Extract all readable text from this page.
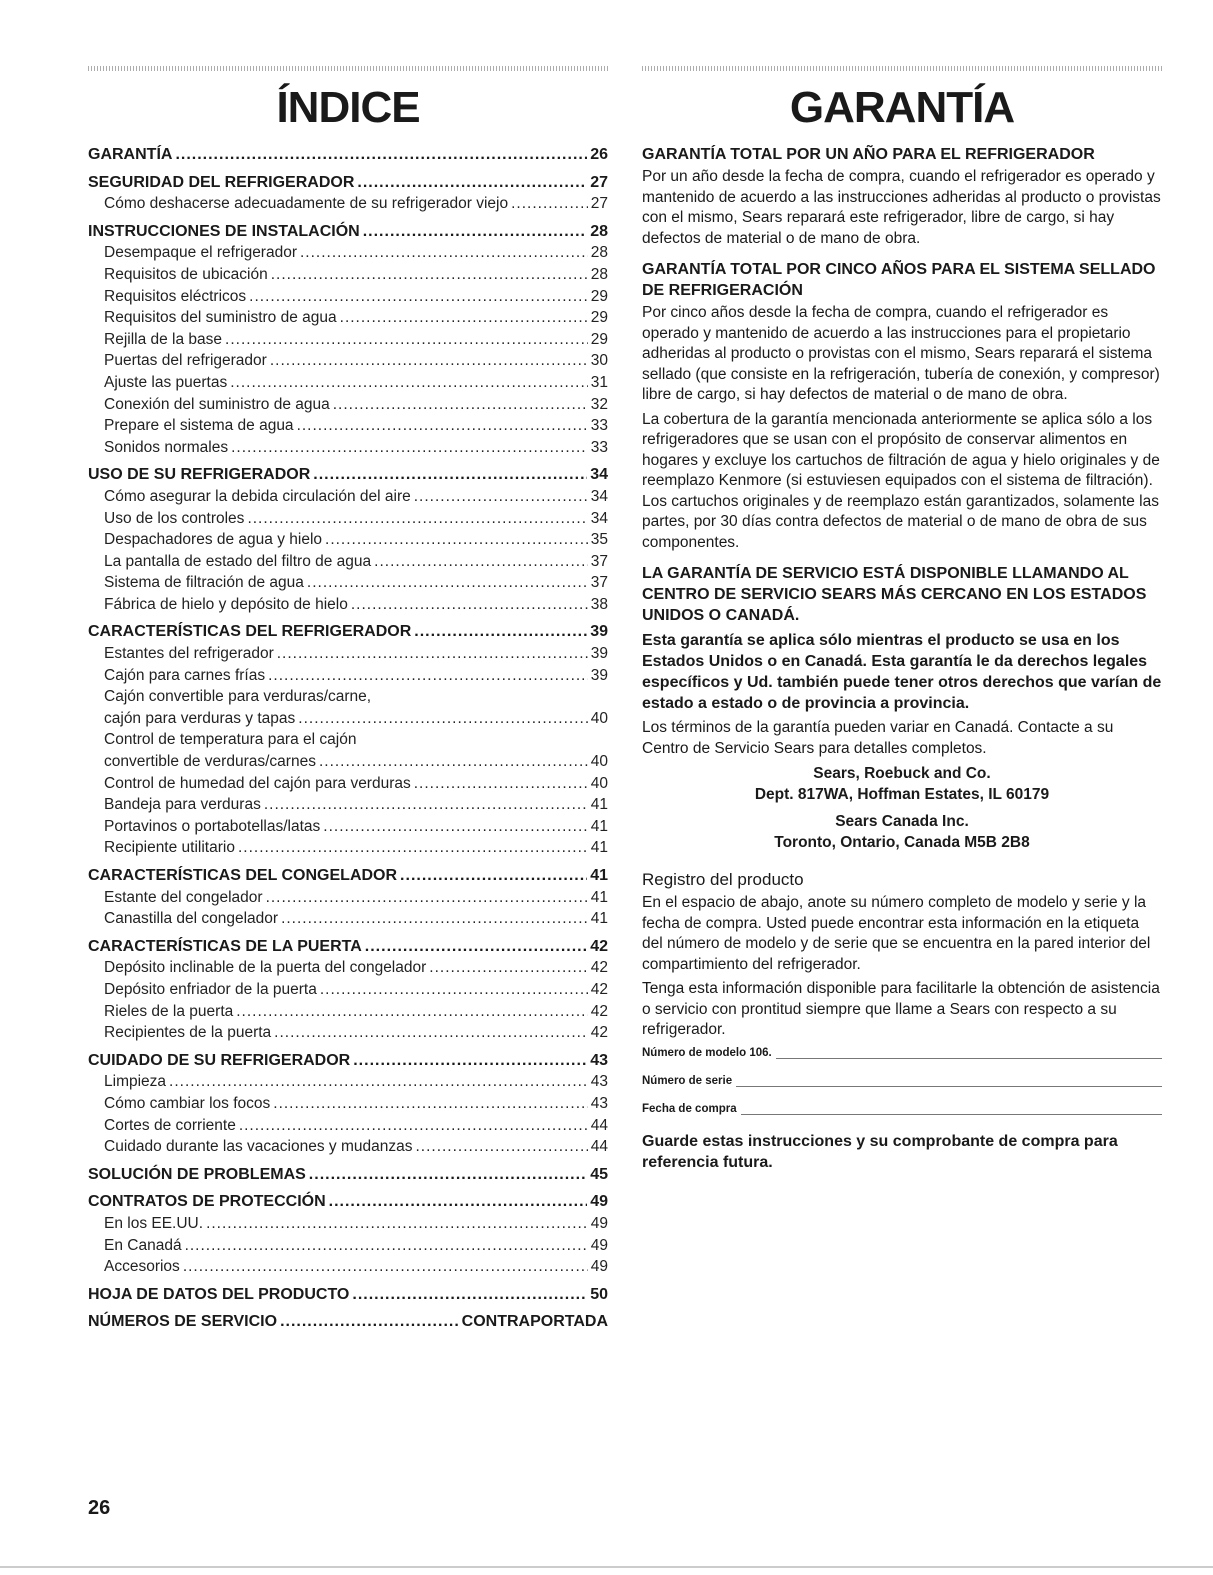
ÍNDICE
GARANTÍA .....	26
SEGURIDAD DEL REFRIGERADOR .....	27
Cómo deshacerse adecuadamente de su refrigerador viejo .....	27
INSTRUCCIONES DE INSTALACIÓN .....	28
Desempaque el refrigerador .....	28
Requisitos de ubicación .....	28
Requisitos eléctricos .....	29
Requisitos del suministro de agua .....	29
Rejilla de la base .....	29
Puertas del refrigerador .....	30
Ajuste las puertas .....	31
Conexión del suministro de agua .....	32
Prepare el sistema de agua .....	33
Sonidos normales .....	33
USO DE SU REFRIGERADOR .....	34
Cómo asegurar la debida circulación del aire .....	34
Uso de los controles .....	34
Despachadores de agua y hielo .....	35
La pantalla de estado del filtro de agua .....	37
Sistema de filtración de agua .....	37
Fábrica de hielo y depósito de hielo .....	38
CARACTERÍSTICAS DEL REFRIGERADOR .....	39
Estantes del refrigerador .....	39
Cajón para carnes frías .....	39
Cajón convertible para verduras/carne,
cajón para verduras y tapas .....	40
Control de temperatura para el cajón
convertible de verduras/carnes .....	40
Control de humedad del cajón para verduras .....	40
Bandeja para verduras .....	41
Portavinos o portabotellas/latas .....	41
Recipiente utilitario .....	41
CARACTERÍSTICAS DEL CONGELADOR .....	41
Estante del congelador .....	41
Canastilla del congelador .....	41
CARACTERÍSTICAS DE LA PUERTA .....	42
Depósito inclinable de la puerta del congelador .....	42
Depósito enfriador de la puerta .....	42
Rieles de la puerta .....	42
Recipientes de la puerta .....	42
CUIDADO DE SU REFRIGERADOR .....	43
Limpieza .....	43
Cómo cambiar los focos .....	43
Cortes de corriente .....	44
Cuidado durante las vacaciones y mudanzas .....	44
SOLUCIÓN DE PROBLEMAS .....	45
CONTRATOS DE PROTECCIÓN .....	49
En los EE.UU. .....	49
En Canadá .....	49
Accesorios .....	49
HOJA DE DATOS DEL PRODUCTO .....	50
NÚMEROS DE SERVICIO .....	CONTRAPORTADA
GARANTÍA
GARANTÍA TOTAL POR UN AÑO PARA EL REFRIGERADOR

Por un año desde la fecha de compra, cuando el refrigerador es operado y mantenido de acuerdo a las instrucciones adheridas al producto o provistas con el mismo, Sears reparará este refrigerador, libre de cargo, si hay defectos de material o de mano de obra.

GARANTÍA TOTAL POR CINCO AÑOS PARA EL SISTEMA SELLADO DE REFRIGERACIÓN

Por cinco años desde la fecha de compra, cuando el refrigerador es operado y mantenido de acuerdo a las instrucciones para el propietario adheridas al producto o provistas con el mismo, Sears reparará el sistema sellado (que consiste en la refrigeración, tubería de conexión, y compresor) libre de cargo, si hay defectos de material o de mano de obra.

La cobertura de la garantía mencionada anteriormente se aplica sólo a los refrigeradores que se usan con el propósito de conservar alimentos en hogares y excluye los cartuchos de filtración de agua y hielo originales y de reemplazo Kenmore (si estuviesen equipados con el sistema de filtración). Los cartuchos originales y de reemplazo están garantizados, solamente las partes, por 30 días contra defectos de material o de mano de obra de sus componentes.

LA GARANTÍA DE SERVICIO ESTÁ DISPONIBLE LLAMANDO AL CENTRO DE SERVICIO SEARS MÁS CERCANO EN LOS ESTADOS UNIDOS O CANADÁ.
Esta garantía se aplica sólo mientras el producto se usa en los Estados Unidos o en Canadá. Esta garantía le da derechos legales específicos y Ud. también puede tener otros derechos que varían de estado a estado o de provincia a provincia.

Los términos de la garantía pueden variar en Canadá. Contacte a su Centro de Servicio Sears para detalles completos.

Sears, Roebuck and Co.
Dept. 817WA, Hoffman Estates, IL 60179
Sears Canada Inc.
Toronto, Ontario, Canada M5B 2B8
Registro del producto

En el espacio de abajo, anote su número completo de modelo y serie y la fecha de compra. Usted puede encontrar esta información en la etiqueta del número de modelo y de serie que se encuentra en la pared interior del compartimiento del refrigerador.

Tenga esta información disponible para facilitarle la obtención de asistencia o servicio con prontitud siempre que llame a Sears con respecto a su refrigerador.

Número de modelo 106.
Número de serie
Fecha de compra
Guarde estas instrucciones y su comprobante de compra para referencia futura.
26
